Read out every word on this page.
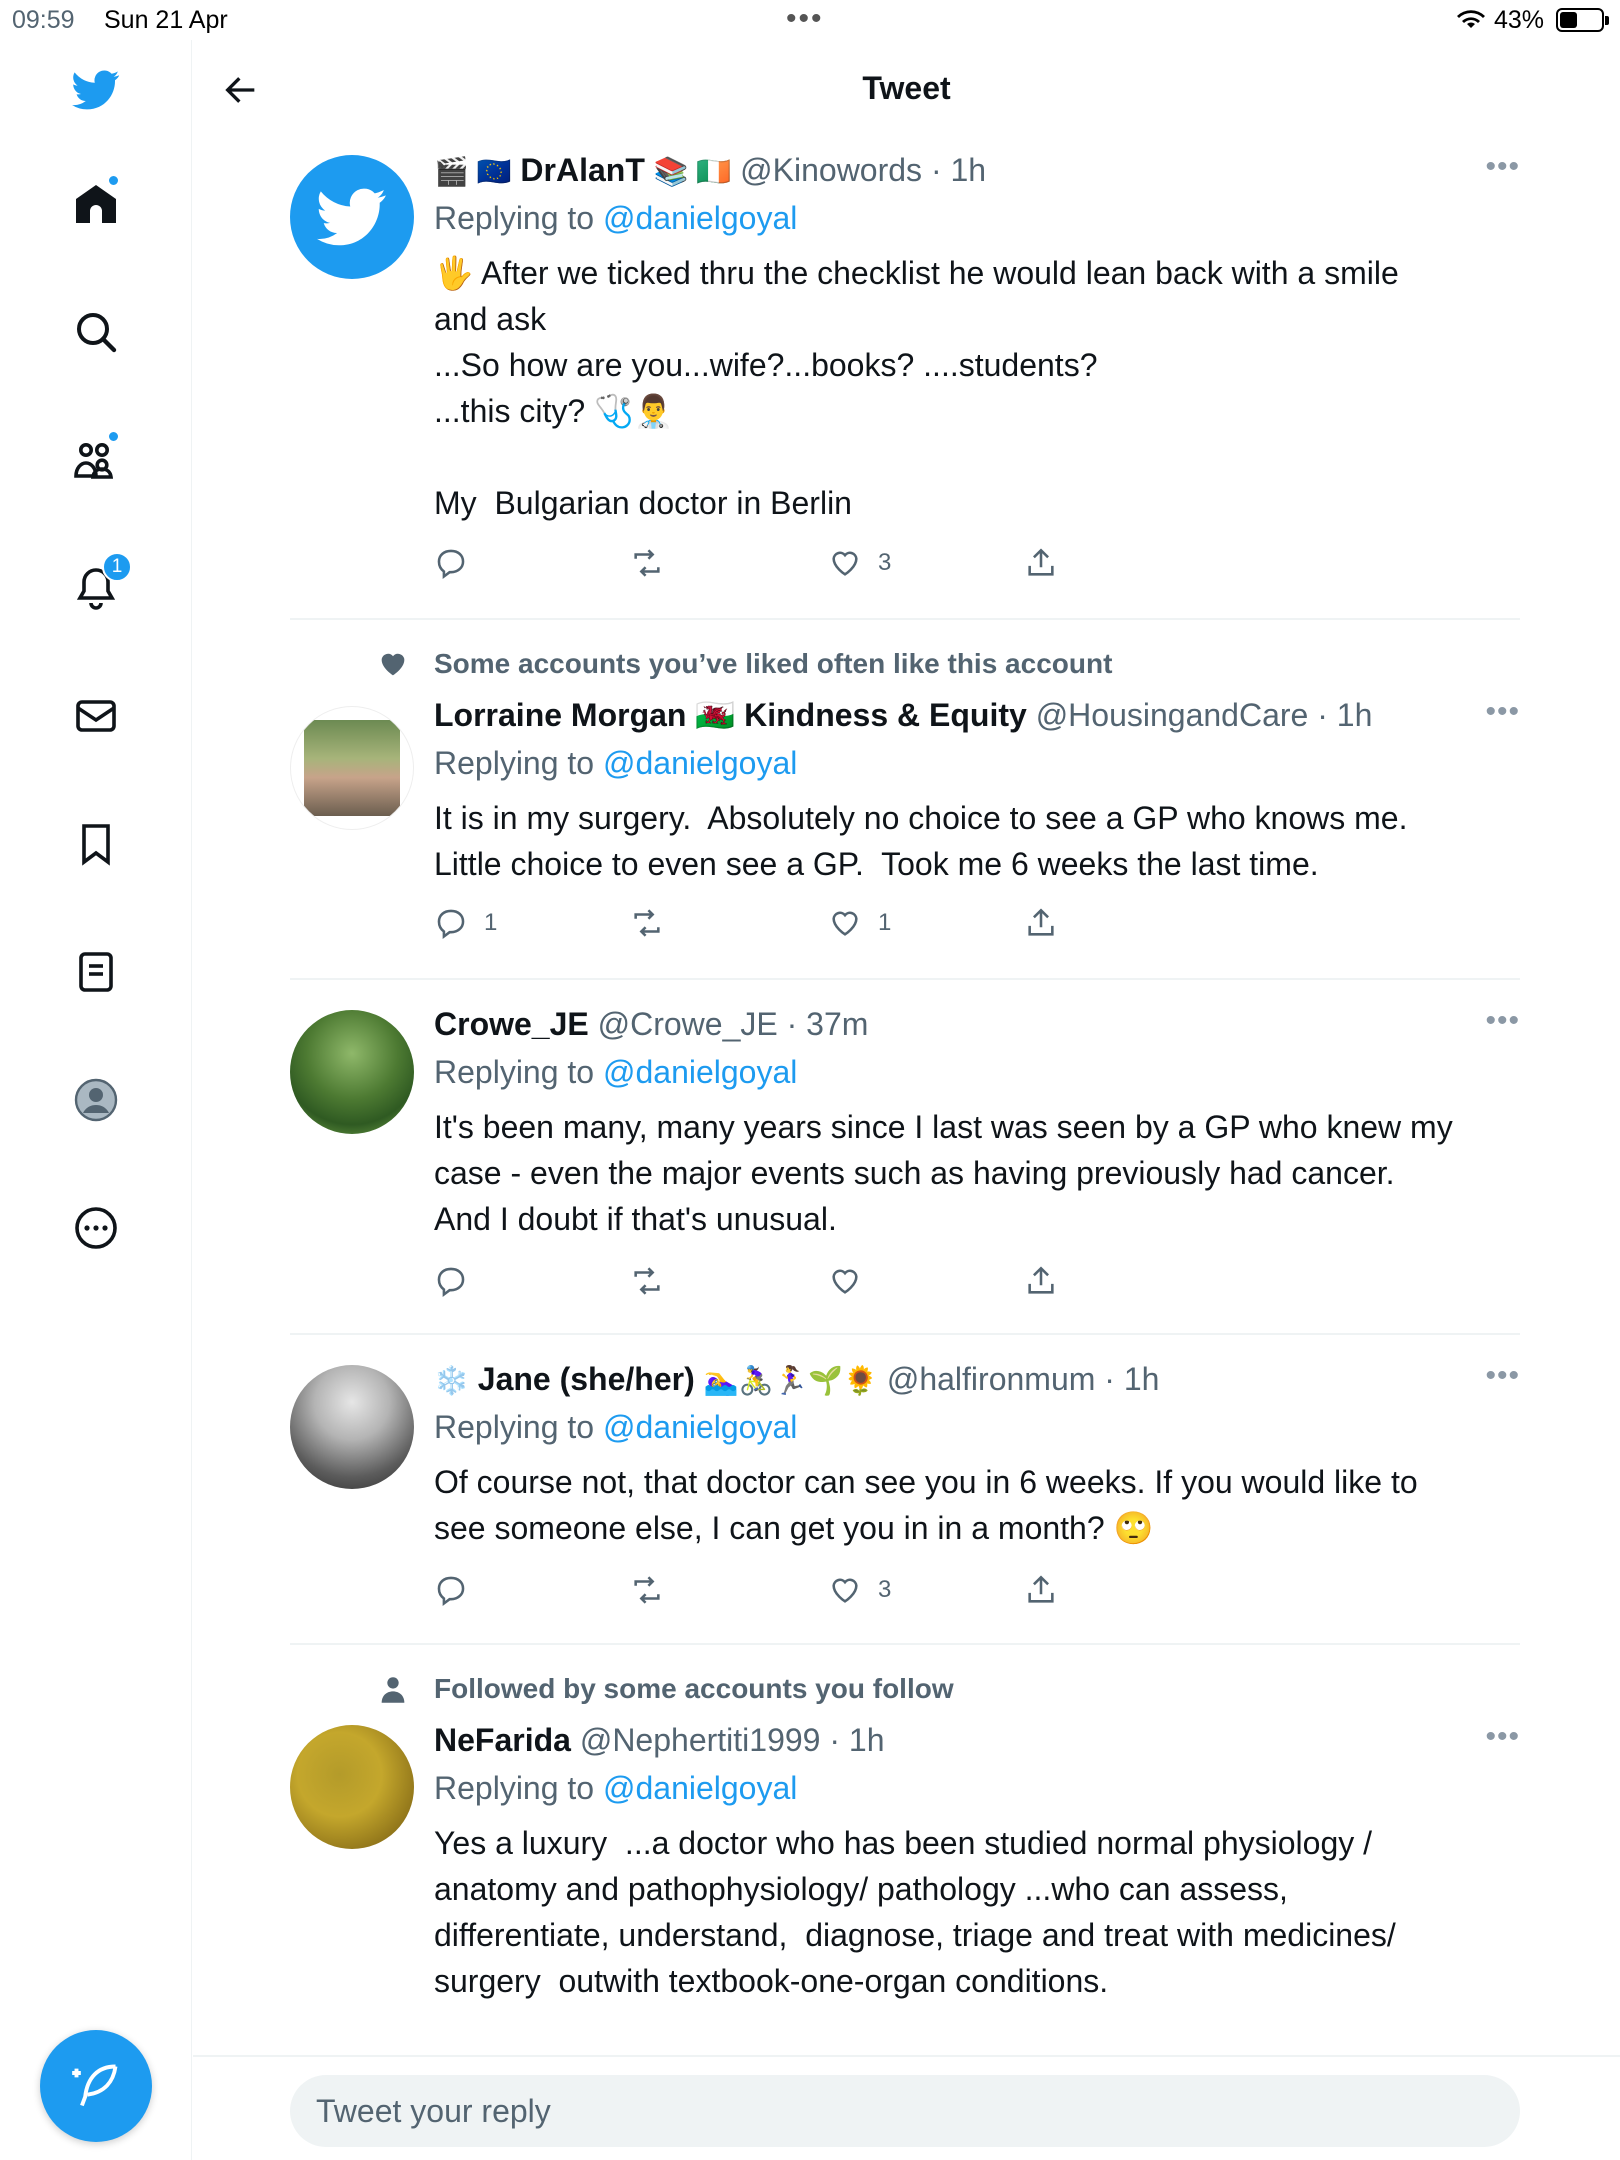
09:59 Sun 21 Apr	•••	43%
1
Tweet
🎬 🇪🇺 DrAlanT 📚 🇮🇪 @Kinowords · 1h
Replying to @danielgoyal
🖐 After we ticked thru the checklist he would lean back with a smile
and ask
...So how are you...wife?...books? ....students?
...this city? 🩺👨‍⚕️

My  Bulgarian doctor in Berlin
•••
3
Some accounts you’ve liked often like this account
Lorraine Morgan 🏴󠁧󠁢󠁷󠁬󠁳󠁿 Kindness & Equity @HousingandCare · 1h
Replying to @danielgoyal
It is in my surgery.  Absolutely no choice to see a GP who knows me.
Little choice to even see a GP.  Took me 6 weeks the last time.
•••
1	1
Crowe_JE @Crowe_JE · 37m
Replying to @danielgoyal
It's been many, many years since I last was seen by a GP who knew my
case - even the major events such as having previously had cancer.
And I doubt if that's unusual.
•••
❄️ Jane (she/her) 🏊‍♀️🚴‍♀️🏃‍♀️🌱🌻 @halfironmum · 1h
Replying to @danielgoyal
Of course not, that doctor can see you in 6 weeks. If you would like to
see someone else, I can get you in in a month? 🙄
•••
3
Followed by some accounts you follow
NeFarida @Nephertiti1999 · 1h
Replying to @danielgoyal
Yes a luxury  ...a doctor who has been studied normal physiology /
anatomy and pathophysiology/ pathology ...who can assess,
differentiate, understand,  diagnose, triage and treat with medicines/
surgery  outwith textbook-one-organ conditions.
•••
Tweet your reply
